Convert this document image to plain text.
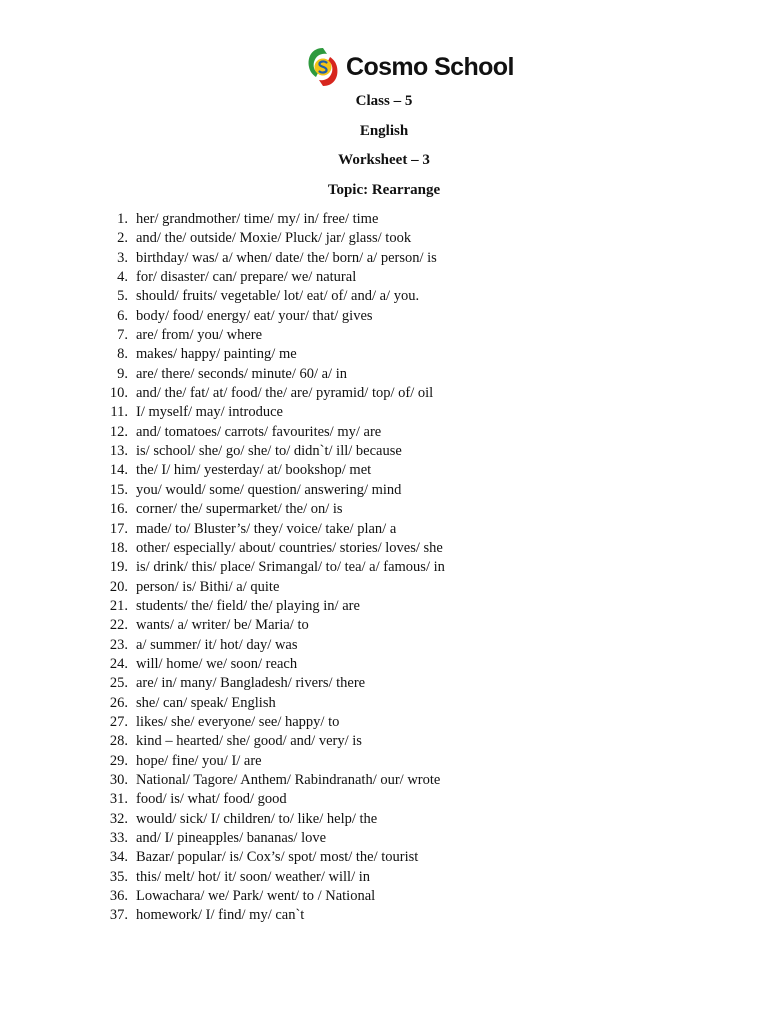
Cosmo School
Class – 5
English
Worksheet – 3
Topic: Rearrange
1. her/ grandmother/ time/ my/ in/ free/ time
2. and/ the/ outside/ Moxie/ Pluck/ jar/ glass/ took
3. birthday/ was/ a/ when/ date/ the/ born/ a/ person/ is
4. for/ disaster/ can/ prepare/ we/ natural
5. should/ fruits/ vegetable/ lot/ eat/ of/ and/ a/ you.
6. body/ food/ energy/ eat/ your/ that/ gives
7. are/ from/ you/ where
8. makes/ happy/ painting/ me
9. are/ there/ seconds/ minute/ 60/ a/ in
10. and/ the/ fat/ at/ food/ the/ are/ pyramid/ top/ of/ oil
11. I/ myself/ may/ introduce
12. and/ tomatoes/ carrots/ favourites/ my/ are
13. is/ school/ she/ go/ she/ to/ didn`t/ ill/ because
14. the/ I/ him/ yesterday/ at/ bookshop/ met
15. you/ would/ some/ question/ answering/ mind
16. corner/ the/ supermarket/ the/ on/ is
17. made/ to/ Bluster’s/ they/ voice/ take/ plan/ a
18. other/ especially/ about/ countries/ stories/ loves/ she
19. is/ drink/ this/ place/ Srimangal/ to/ tea/ a/ famous/ in
20. person/ is/ Bithi/ a/ quite
21. students/ the/ field/ the/ playing in/ are
22. wants/ a/ writer/ be/ Maria/ to
23. a/ summer/ it/ hot/ day/ was
24. will/ home/ we/ soon/ reach
25. are/ in/ many/ Bangladesh/ rivers/ there
26. she/ can/ speak/ English
27. likes/ she/ everyone/ see/ happy/ to
28. kind – hearted/ she/ good/ and/ very/ is
29. hope/ fine/ you/ I/ are
30. National/ Tagore/ Anthem/ Rabindranath/ our/ wrote
31. food/ is/ what/ food/ good
32. would/ sick/ I/ children/ to/ like/ help/ the
33. and/ I/ pineapples/ bananas/ love
34. Bazar/ popular/ is/ Cox’s/ spot/ most/ the/ tourist
35. this/ melt/ hot/ it/ soon/ weather/ will/ in
36. Lowachara/ we/ Park/ went/ to / National
37. homework/ I/ find/ my/ can`t
